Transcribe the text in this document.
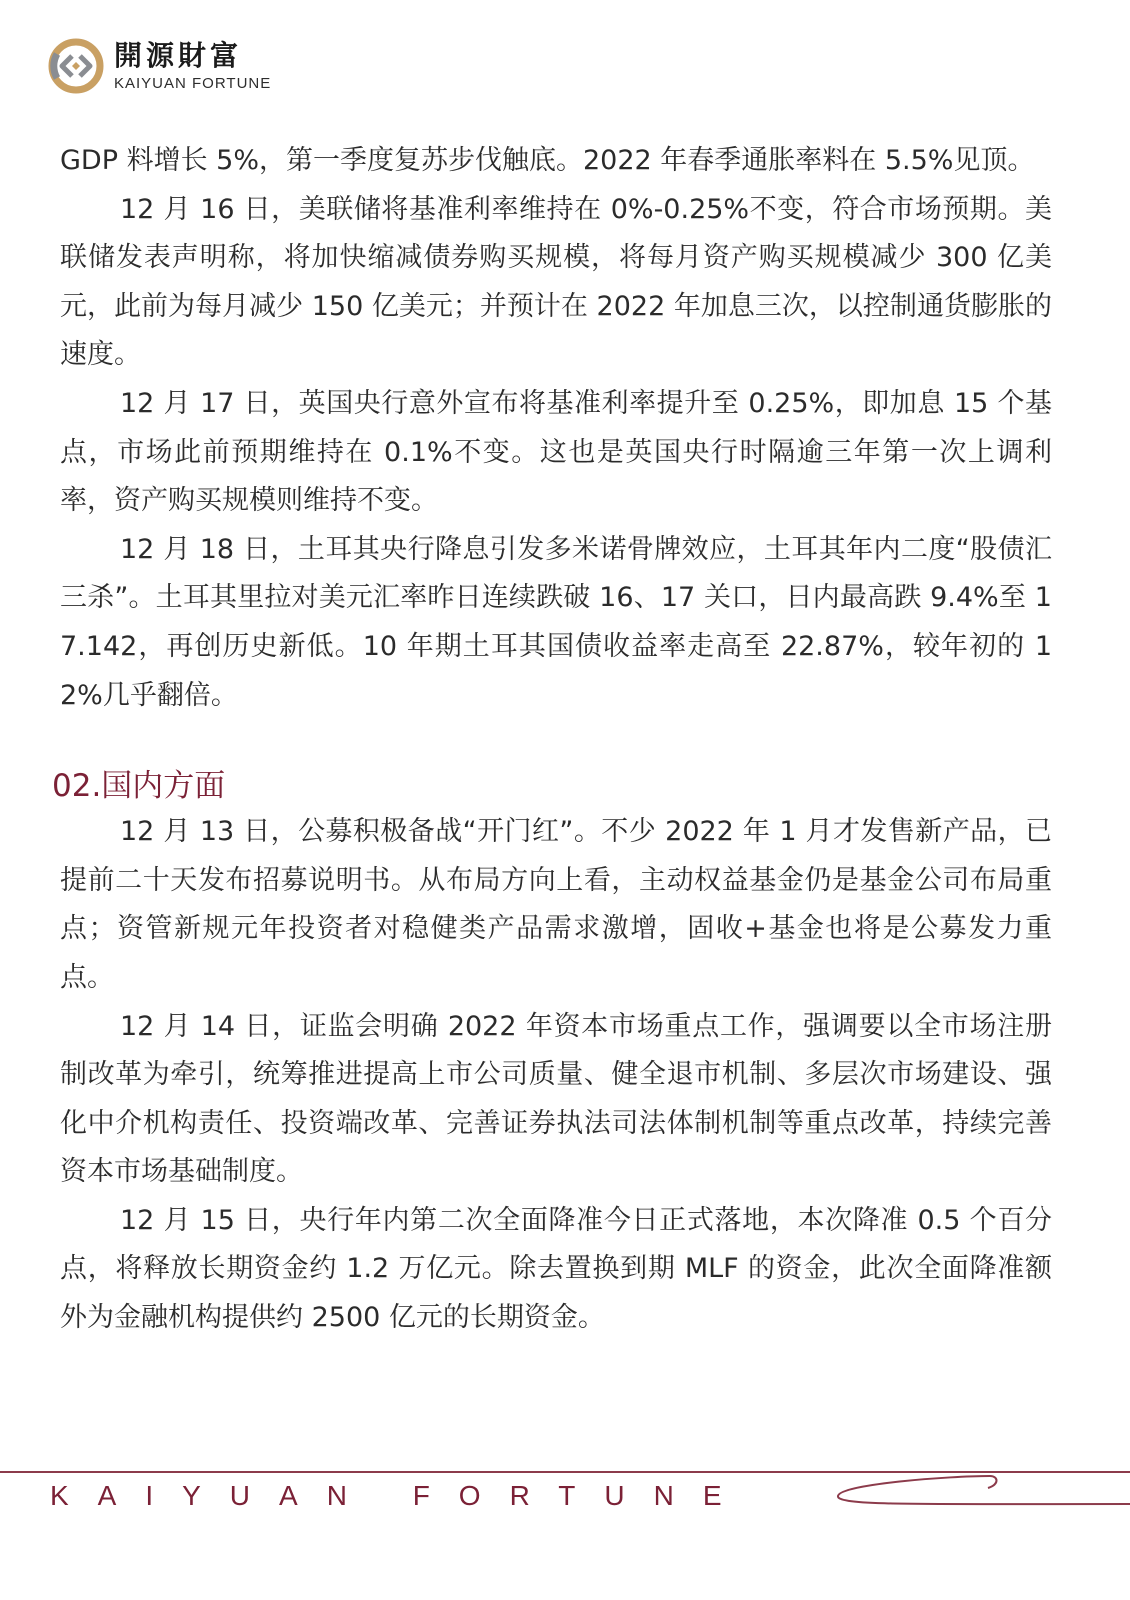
開源財富
KAIYUAN FORTUNE

GDP 料增长 5%，第一季度复苏步伐触底。2022 年春季通胀率料在 5.5%见顶。

12 月 16 日，美联储将基准利率维持在 0%-0.25%不变，符合市场预期。美联储发表声明称，将加快缩减债券购买规模，将每月资产购买规模减少 300 亿美元，此前为每月减少 150 亿美元；并预计在 2022 年加息三次，以控制通货膨胀的速度。

12 月 17 日，英国央行意外宣布将基准利率提升至 0.25%，即加息 15 个基点，市场此前预期维持在 0.1%不变。这也是英国央行时隔逾三年第一次上调利率，资产购买规模则维持不变。

12 月 18 日，土耳其央行降息引发多米诺骨牌效应，土耳其年内二度“股债汇三杀”。土耳其里拉对美元汇率昨日连续跌破 16、17 关口，日内最高跌 9.4%至 17.142，再创历史新低。10 年期土耳其国债收益率走高至 22.87%，较年初的 12%几乎翻倍。

02.国内方面

12 月 13 日，公募积极备战“开门红”。不少 2022 年 1 月才发售新产品，已提前二十天发布招募说明书。从布局方向上看，主动权益基金仍是基金公司布局重点；资管新规元年投资者对稳健类产品需求激增，固收+基金也将是公募发力重点。

12 月 14 日，证监会明确 2022 年资本市场重点工作，强调要以全市场注册制改革为牵引，统筹推进提高上市公司质量、健全退市机制、多层次市场建设、强化中介机构责任、投资端改革、完善证券执法司法体制机制等重点改革，持续完善资本市场基础制度。

12 月 15 日，央行年内第二次全面降准今日正式落地，本次降准 0.5 个百分点，将释放长期资金约 1.2 万亿元。除去置换到期 MLF 的资金，此次全面降准额外为金融机构提供约 2500 亿元的长期资金。

KAIYUAN FORTUNE
